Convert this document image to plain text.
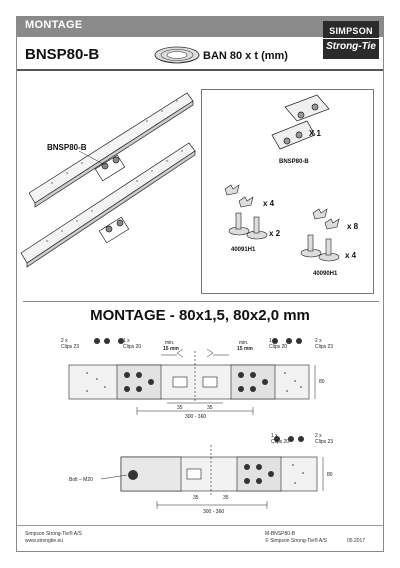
MONTAGE	SIMPSON
Strong-Tie
BNSP80-B	BAN 80 x t (mm)
BNSP80-B
X 1
BNSP80-B
x 4
x 2
40091H1
x 8
x 4
40090H1
MONTAGE - 80x1,5, 80x2,0 mm
2 x
Clips 23
1 x
Clips 20
min.
15 mm
min.
15 mm
1 x
Clips 20
2 x
Clips 23
35	35
80
300 - 360
1 x
Clips 20
2 x
Clips 23
Bolt – M20
35	35
80
300 - 360
Simpson Strong-Tie® A/S
www.strongtie.eu
M-BNSP80-B
© Simpson Strong-Tie® A/S	05.2017
